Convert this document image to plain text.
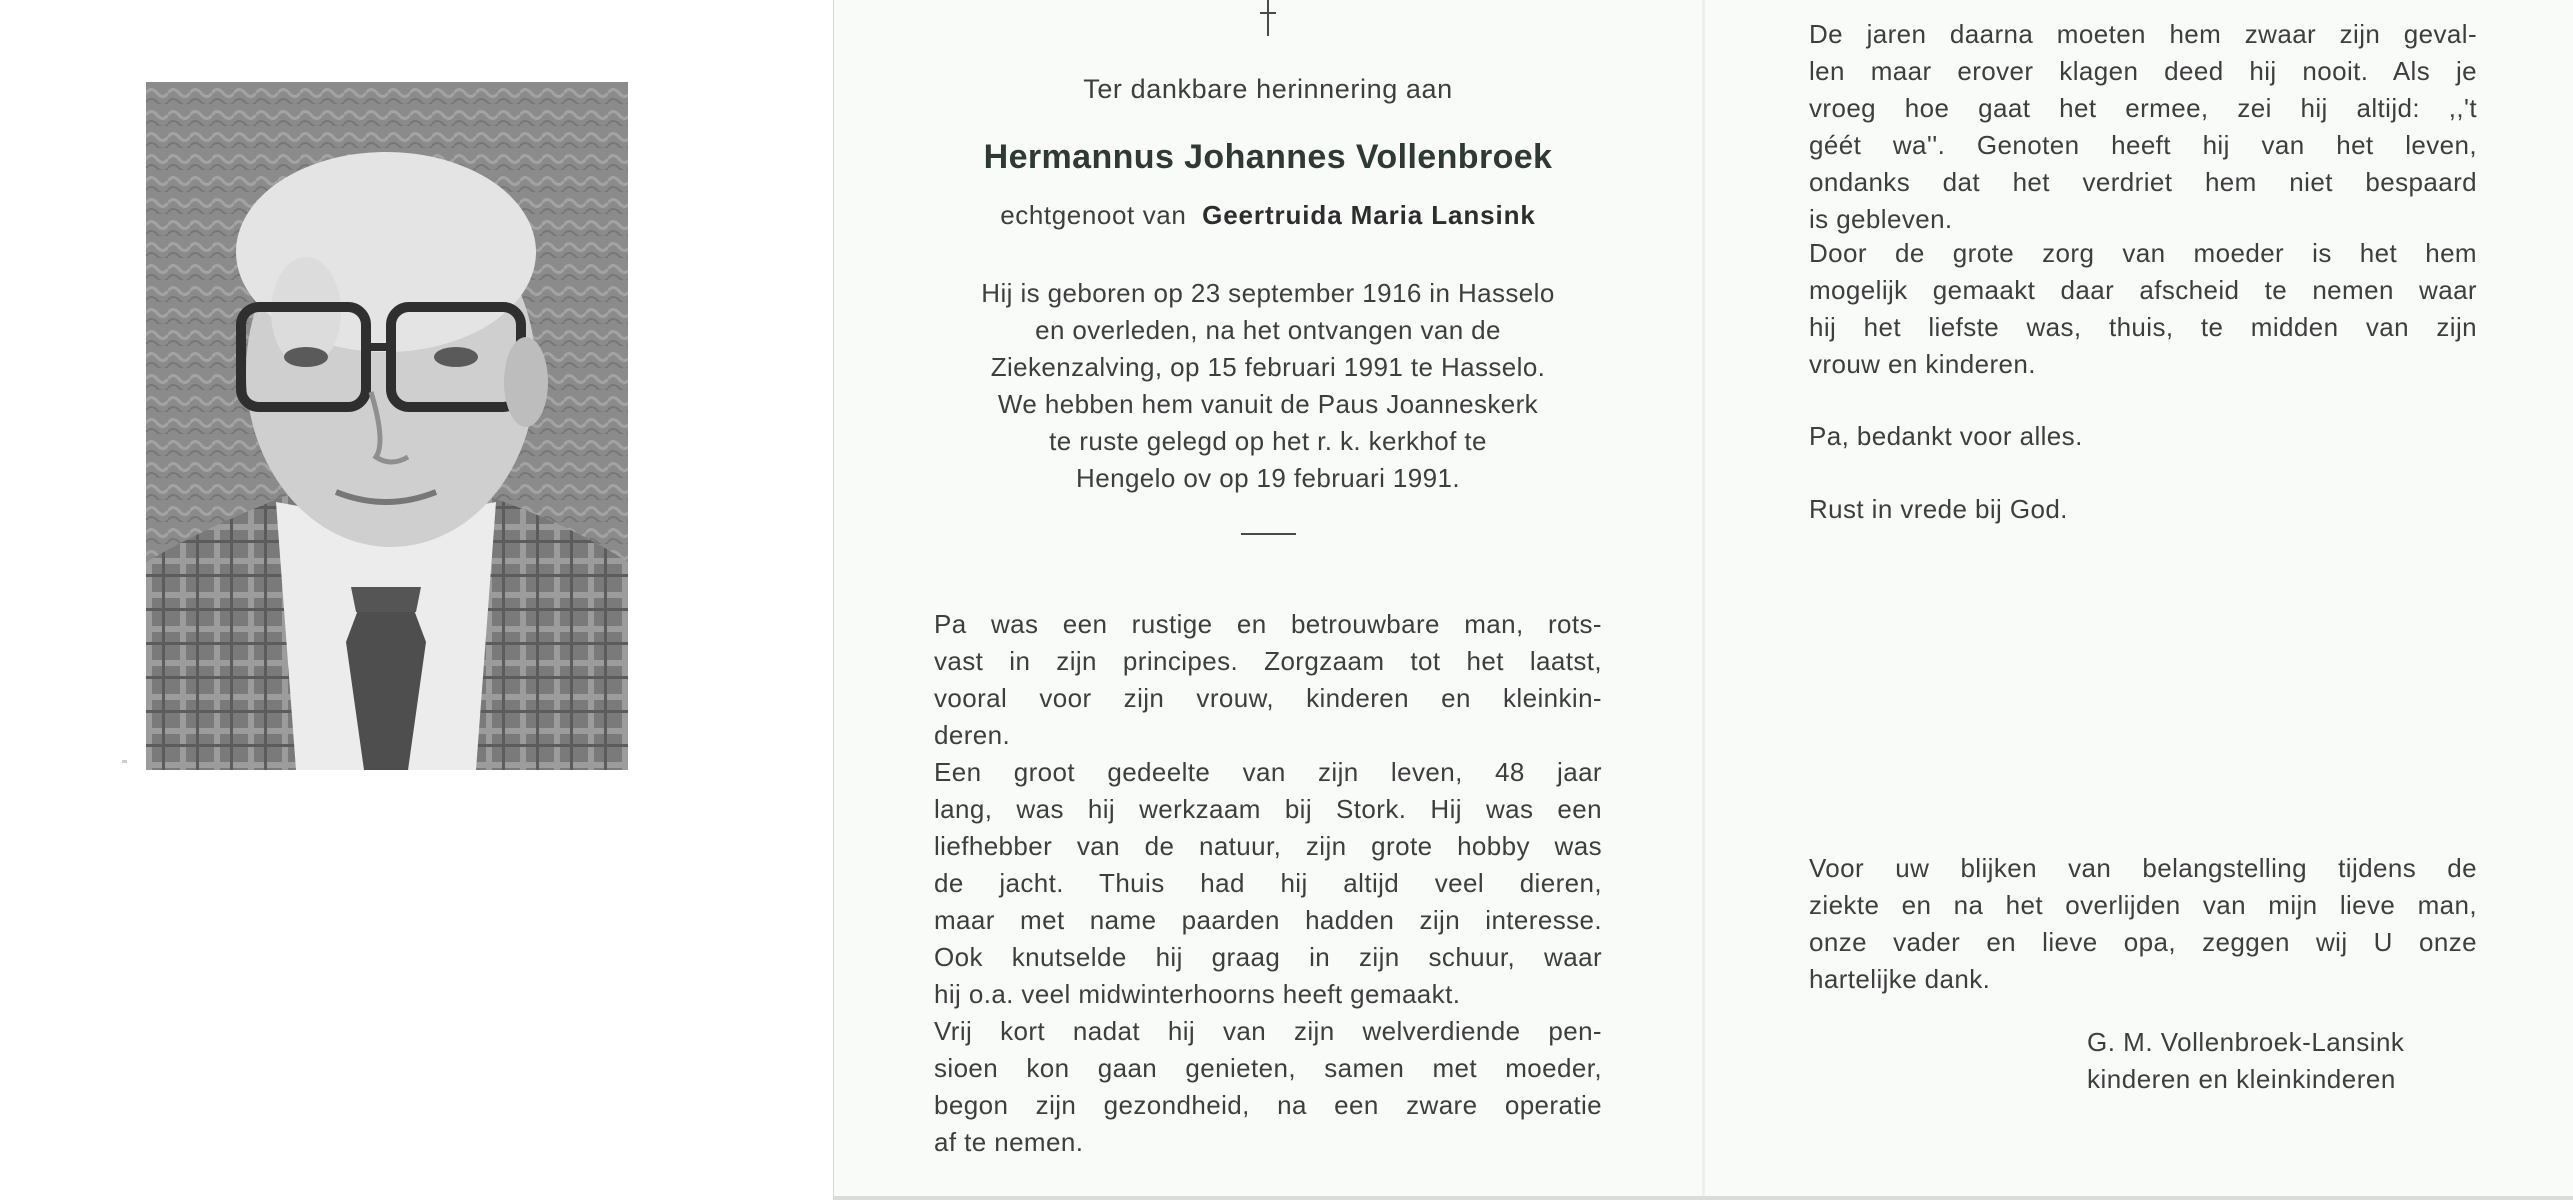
Ter dankbare herinnering aan
Hermannus Johannes Vollenbroek
echtgenoot van Geertruida Maria Lansink
Hij is geboren op 23 september 1916 in Hasselo
en overleden, na het ontvangen van de
Ziekenzalving, op 15 februari 1991 te Hasselo.
We hebben hem vanuit de Paus Joanneskerk
te ruste gelegd op het r. k. kerkhof te
Hengelo ov op 19 februari 1991.
Pa was een rustige en betrouwbare man, rots-
vast in zijn principes. Zorgzaam tot het laatst,
vooral voor zijn vrouw, kinderen en kleinkin-
deren.
Een groot gedeelte van zijn leven, 48 jaar
lang, was hij werkzaam bij Stork. Hij was een
liefhebber van de natuur, zijn grote hobby was
de jacht. Thuis had hij altijd veel dieren,
maar met name paarden hadden zijn interesse.
Ook knutselde hij graag in zijn schuur, waar
hij o.a. veel midwinterhoorns heeft gemaakt.
Vrij kort nadat hij van zijn welverdiende pen-
sioen kon gaan genieten, samen met moeder,
begon zijn gezondheid, na een zware operatie
af te nemen.
De jaren daarna moeten hem zwaar zijn geval-
len maar erover klagen deed hij nooit. Als je
vroeg hoe gaat het ermee, zei hij altijd: ,,'t
géét wa''. Genoten heeft hij van het leven,
ondanks dat het verdriet hem niet bespaard
is gebleven.
Door de grote zorg van moeder is het hem
mogelijk gemaakt daar afscheid te nemen waar
hij het liefste was, thuis, te midden van zijn
vrouw en kinderen.
Pa, bedankt voor alles.
Rust in vrede bij God.
Voor uw blijken van belangstelling tijdens de
ziekte en na het overlijden van mijn lieve man,
onze vader en lieve opa, zeggen wij U onze
hartelijke dank.
G. M. Vollenbroek-Lansink
kinderen en kleinkinderen
